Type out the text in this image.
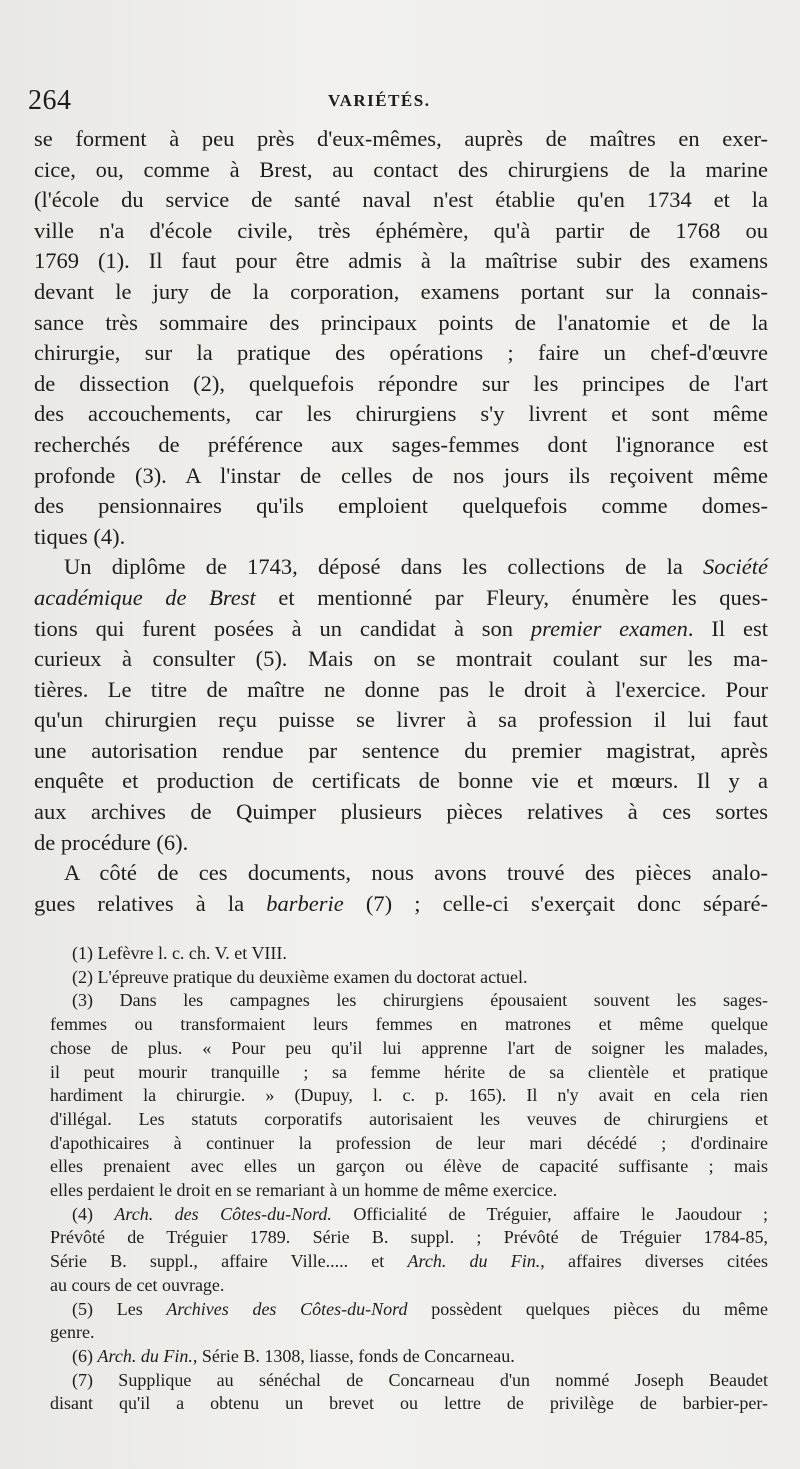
264	VARIÉTÉS.

se forment à peu près d'eux-mêmes, auprès de maîtres en exer-

cice, ou, comme à Brest, au contact des chirurgiens de la marine

(l'école du service de santé naval n'est établie qu'en 1734 et la

ville n'a d'école civile, très éphémère, qu'à partir de 1768 ou

1769 (1). Il faut pour être admis à la maîtrise subir des examens

devant le jury de la corporation, examens portant sur la connais-

sance très sommaire des principaux points de l'anatomie et de la

chirurgie, sur la pratique des opérations ; faire un chef-d'œuvre

de dissection (2), quelquefois répondre sur les principes de l'art

des accouchements, car les chirurgiens s'y livrent et sont même

recherchés de préférence aux sages-femmes dont l'ignorance est

profonde (3). A l'instar de celles de nos jours ils reçoivent même

des pensionnaires qu'ils emploient quelquefois comme domes-

tiques (4).

Un diplôme de 1743, déposé dans les collections de la Société

académique de Brest et mentionné par Fleury, énumère les ques-

tions qui furent posées à un candidat à son premier examen. Il est

curieux à consulter (5). Mais on se montrait coulant sur les ma-

tières. Le titre de maître ne donne pas le droit à l'exercice. Pour

qu'un chirurgien reçu puisse se livrer à sa profession il lui faut

une autorisation rendue par sentence du premier magistrat, après

enquête et production de certificats de bonne vie et mœurs. Il y a

aux archives de Quimper plusieurs pièces relatives à ces sortes

de procédure (6).

A côté de ces documents, nous avons trouvé des pièces analo-

gues relatives à la barberie (7) ; celle-ci s'exerçait donc séparé-

(1) Lefèvre l. c. ch. V. et VIII.

(2) L'épreuve pratique du deuxième examen du doctorat actuel.

(3) Dans les campagnes les chirurgiens épousaient souvent les sages-

femmes ou transformaient leurs femmes en matrones et même quelque

chose de plus. « Pour peu qu'il lui apprenne l'art de soigner les malades,

il peut mourir tranquille ; sa femme hérite de sa clientèle et pratique

hardiment la chirurgie. » (Dupuy, l. c. p. 165). Il n'y avait en cela rien

d'illégal. Les statuts corporatifs autorisaient les veuves de chirurgiens et

d'apothicaires à continuer la profession de leur mari décédé ; d'ordinaire

elles prenaient avec elles un garçon ou élève de capacité suffisante ; mais

elles perdaient le droit en se remariant à un homme de même exercice.

(4) Arch. des Côtes-du-Nord. Officialité de Tréguier, affaire le Jaoudour ;

Prévôté de Tréguier 1789. Série B. suppl. ; Prévôté de Tréguier 1784-85,

Série B. suppl., affaire Ville..... et Arch. du Fin., affaires diverses citées

au cours de cet ouvrage.

(5) Les Archives des Côtes-du-Nord possèdent quelques pièces du même

genre.

(6) Arch. du Fin., Série B. 1308, liasse, fonds de Concarneau.

(7) Supplique au sénéchal de Concarneau d'un nommé Joseph Beaudet

disant qu'il a obtenu un brevet ou lettre de privilège de barbier-per-
